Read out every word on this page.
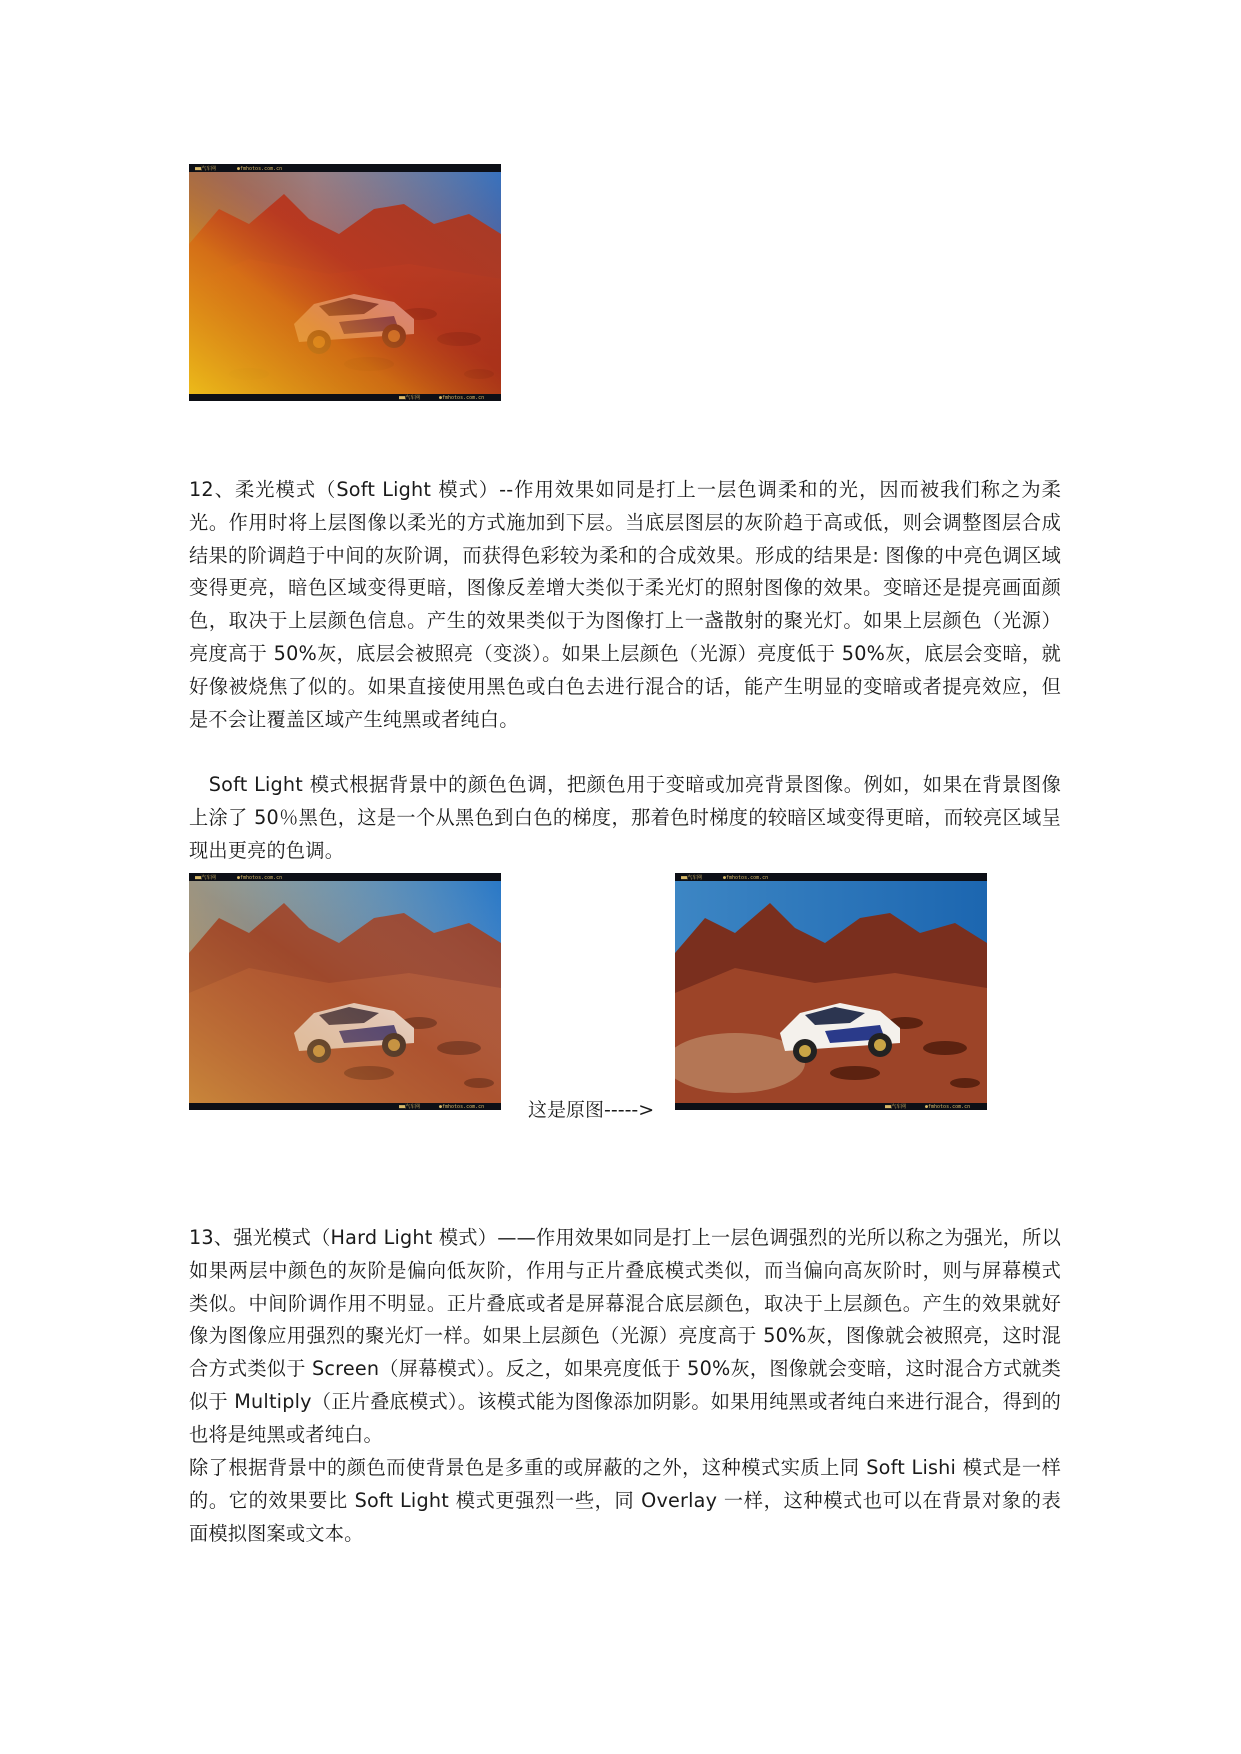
■■汽车网	●fmhotos.com.cn
■■汽车网	●fmhotos.com.cn

12、柔光模式（Soft Light 模式）--作用效果如同是打上一层色调柔和的光，因而被我们称之为柔光。作用时将上层图像以柔光的方式施加到下层。当底层图层的灰阶趋于高或低，则会调整图层合成结果的阶调趋于中间的灰阶调，而获得色彩较为柔和的合成效果。形成的结果是: 图像的中亮色调区域变得更亮，暗色区域变得更暗，图像反差增大类似于柔光灯的照射图像的效果。变暗还是提亮画面颜色，取决于上层颜色信息。产生的效果类似于为图像打上一盏散射的聚光灯。如果上层颜色（光源）亮度高于 50%灰，底层会被照亮（变淡）。如果上层颜色（光源）亮度低于 50%灰，底层会变暗，就好像被烧焦了似的。如果直接使用黑色或白色去进行混合的话，能产生明显的变暗或者提亮效应，但是不会让覆盖区域产生纯黑或者纯白。

　Soft Light 模式根据背景中的颜色色调，把颜色用于变暗或加亮背景图像。例如，如果在背景图像上涂了 50％黑色，这是一个从黑色到白色的梯度，那着色时梯度的较暗区域变得更暗，而较亮区域呈现出更亮的色调。

■■汽车网	●fmhotos.com.cn
■■汽车网	●fmhotos.com.cn 这是原图----->
■■汽车网	●fmhotos.com.cn
■■汽车网	●fmhotos.com.cn

13、强光模式（Hard Light 模式）——作用效果如同是打上一层色调强烈的光所以称之为强光，所以如果两层中颜色的灰阶是偏向低灰阶，作用与正片叠底模式类似，而当偏向高灰阶时，则与屏幕模式类似。中间阶调作用不明显。正片叠底或者是屏幕混合底层颜色，取决于上层颜色。产生的效果就好像为图像应用强烈的聚光灯一样。如果上层颜色（光源）亮度高于 50%灰，图像就会被照亮，这时混合方式类似于 Screen（屏幕模式）。反之，如果亮度低于 50%灰，图像就会变暗，这时混合方式就类似于 Multiply（正片叠底模式）。该模式能为图像添加阴影。如果用纯黑或者纯白来进行混合，得到的也将是纯黑或者纯白。

除了根据背景中的颜色而使背景色是多重的或屏蔽的之外，这种模式实质上同 Soft Lishi 模式是一样的。它的效果要比 Soft Light 模式更强烈一些，同 Overlay 一样，这种模式也可以在背景对象的表面模拟图案或文本。
